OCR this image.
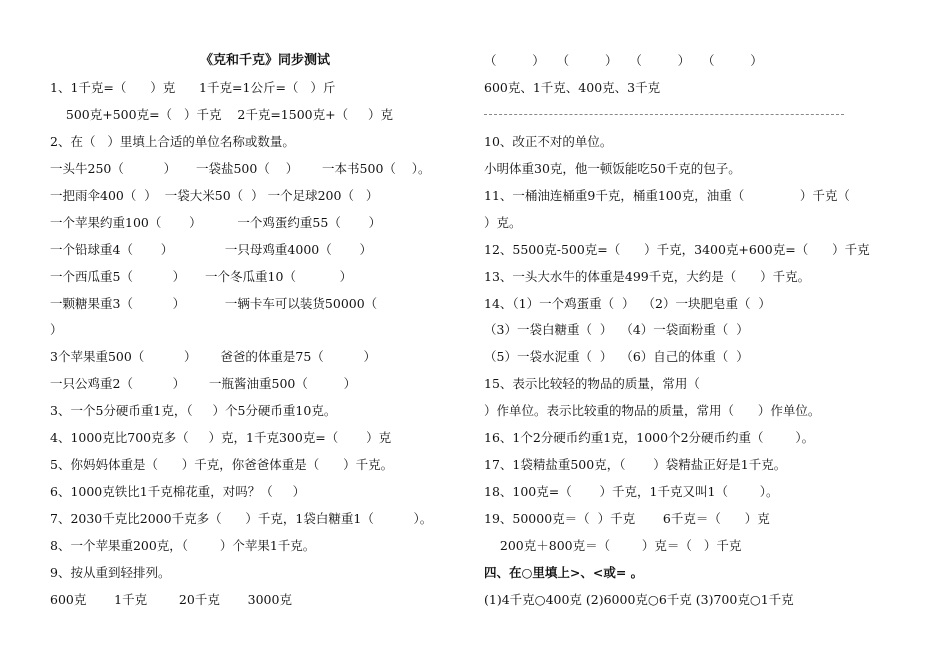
《克和千克》同步测试
1、1千克=（      ）克      1千克=1公斤=（   ）斤
500克+500克=（   ）千克    2千克=1500克+（     ）克
2、在（   ）里填上合适的单位名称或数量。
一头牛250（          ）     一袋盐500（    ）      一本书500（    ）。
一把雨伞400（  ）  一袋大米50（  ） 一个足球200（   ）
一个苹果约重100（       ）         一个鸡蛋约重55（       ）
一个铅球重4（       ）             一只母鸡重4000（       ）
一个西瓜重5（          ）     一个冬瓜重10（           ）
一颗糖果重3（          ）          一辆卡车可以装货50000（
）
3个苹果重500（          ）      爸爸的体重是75（          ）
一只公鸡重2（          ）      一瓶酱油重500（         ）
3、一个5分硬币重1克，（     ）个5分硬币重10克。
4、1000克比700克多（     ）克，1千克300克=（       ）克
5、你妈妈体重是（      ）千克，你爸爸体重是（      ）千克。
6、1000克铁比1千克棉花重，对吗？（     ）
7、2030千克比2000千克多（      ）千克，1袋白糖重1（          ）。
8、一个苹果重200克，（        ）个苹果1千克。
9、按从重到轻排列。
600克       1千克        20千克       3000克
（         ）   （         ）   （         ）   （         ）
600克、1千克、400克、3千克
10、改正不对的单位。
小明体重30克，他一顿饭能吃50千克的包子。
11、一桶油连桶重9千克，桶重100克，油重（              ）千克（
）克。
12、5500克-500克=（      ）千克，3400克+600克=（      ）千克
13、一头大水牛的体重是499千克，大约是（      ）千克。
14、（1）一个鸡蛋重（  ）  （2）一块肥皂重（  ）
（3）一袋白糖重（  ）  （4）一袋面粉重（  ）
（5）一袋水泥重（  ）  （6）自己的体重（  ）
15、表示比较轻的物品的质量，常用（
）作单位。表示比较重的物品的质量，常用（      ）作单位。
16、1个2分硬币约重1克，1000个2分硬币约重（        ）。
17、1袋精盐重500克，（       ）袋精盐正好是1千克。
18、100克=（       ）千克，1千克又叫1（        ）。
19、50000克＝（  ）千克       6千克＝（      ）克
200克＋800克＝（        ）克＝（   ）千克
四、在○里填上>、<或= 。
(1)4千克○400克 (2)6000克○6千克 (3)700克○1千克
